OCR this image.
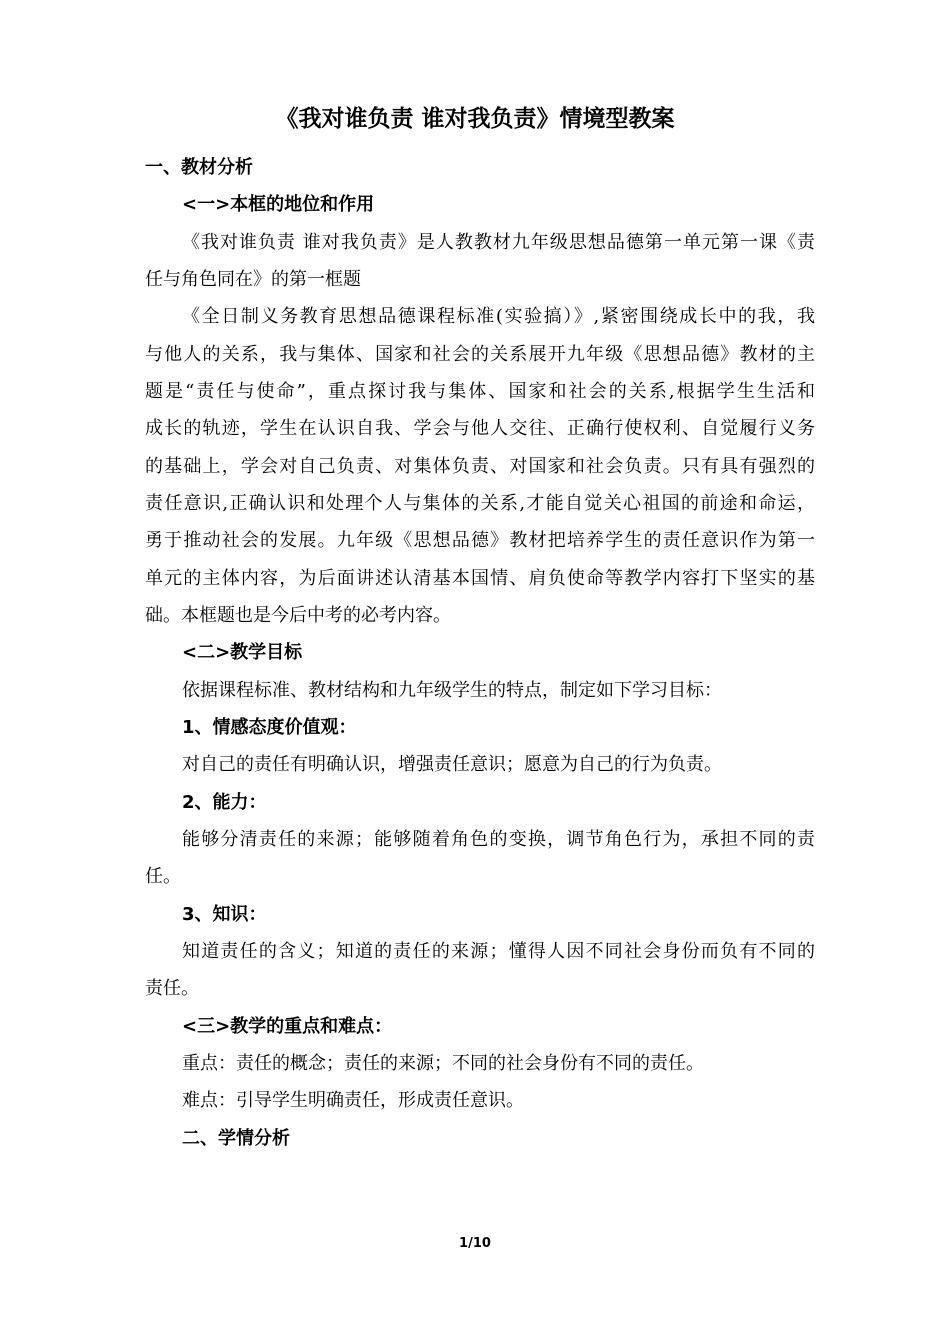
《我对谁负责 谁对我负责》情境型教案
一、教材分析
<一>本框的地位和作用
《我对谁负责 谁对我负责》是人教教材九年级思想品德第一单元第一课《责
任与角色同在》的第一框题
《全日制义务教育思想品德课程标准(实验搞）》,紧密围绕成长中的我，我
与他人的关系，我与集体、国家和社会的关系展开九年级《思想品德》教材的主
题是“责任与使命”，重点探讨我与集体、国家和社会的关系,根据学生生活和
成长的轨迹，学生在认识自我、学会与他人交往、正确行使权利、自觉履行义务
的基础上，学会对自己负责、对集体负责、对国家和社会负责。只有具有强烈的
责任意识,正确认识和处理个人与集体的关系,才能自觉关心祖国的前途和命运，
勇于推动社会的发展。九年级《思想品德》教材把培养学生的责任意识作为第一
单元的主体内容，为后面讲述认清基本国情、肩负使命等教学内容打下坚实的基
础。本框题也是今后中考的必考内容。
<二>教学目标
依据课程标准、教材结构和九年级学生的特点，制定如下学习目标：
1、情感态度价值观：
对自己的责任有明确认识，增强责任意识；愿意为自己的行为负责。
2、能力：
能够分清责任的来源；能够随着角色的变换，调节角色行为，承担不同的责
任。
3、知识：
知道责任的含义；知道的责任的来源；懂得人因不同社会身份而负有不同的
责任。
<三>教学的重点和难点：
重点：责任的概念；责任的来源；不同的社会身份有不同的责任。
难点：引导学生明确责任，形成责任意识。
二、学情分析
1/10
